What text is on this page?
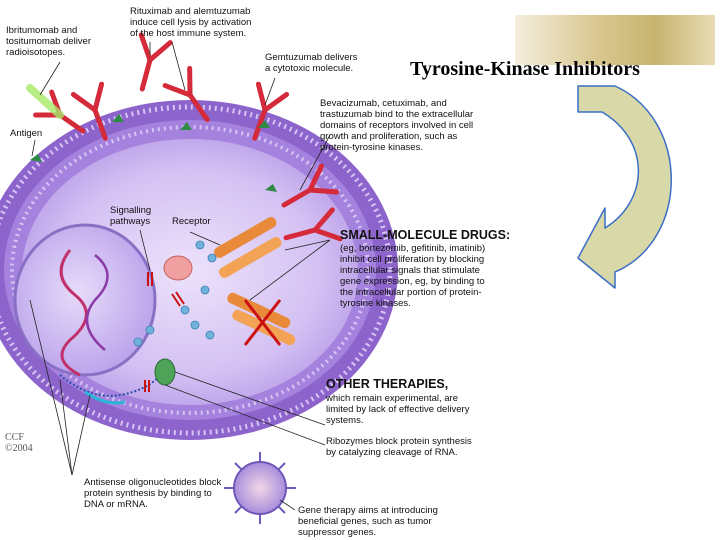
Tyrosine-Kinase Inhibitors
Ibritumomab and
tositumomab deliver
radioisotopes.
Rituximab and alemtuzumab
induce cell lysis by activation
of the host immune system.
Gemtuzumab delivers
a cytotoxic molecule.
Antigen
Bevacizumab, cetuximab, and
trastuzumab bind to the extracellular
domains of receptors involved in cell
growth and proliferation, such as
protein-tyrosine kinases.
Signalling
pathways Receptor
SMALL-MOLECULE DRUGS:
(eg, bortezomib, gefitinib, imatinib)
inhibit cell proliferation by blocking
intracellular signals that stimulate
gene expression, eg, by binding to
the intracellular portion of protein-
tyrosine kinases.
OTHER THERAPIES,
which remain experimental, are
limited by lack of effective delivery
systems.
Ribozymes block protein synthesis
by catalyzing cleavage of RNA.
Antisense oligonucleotides block
protein synthesis by binding to
DNA or mRNA.
Gene therapy aims at introducing
beneficial genes, such as tumor
suppressor genes.
CCF
©2004
